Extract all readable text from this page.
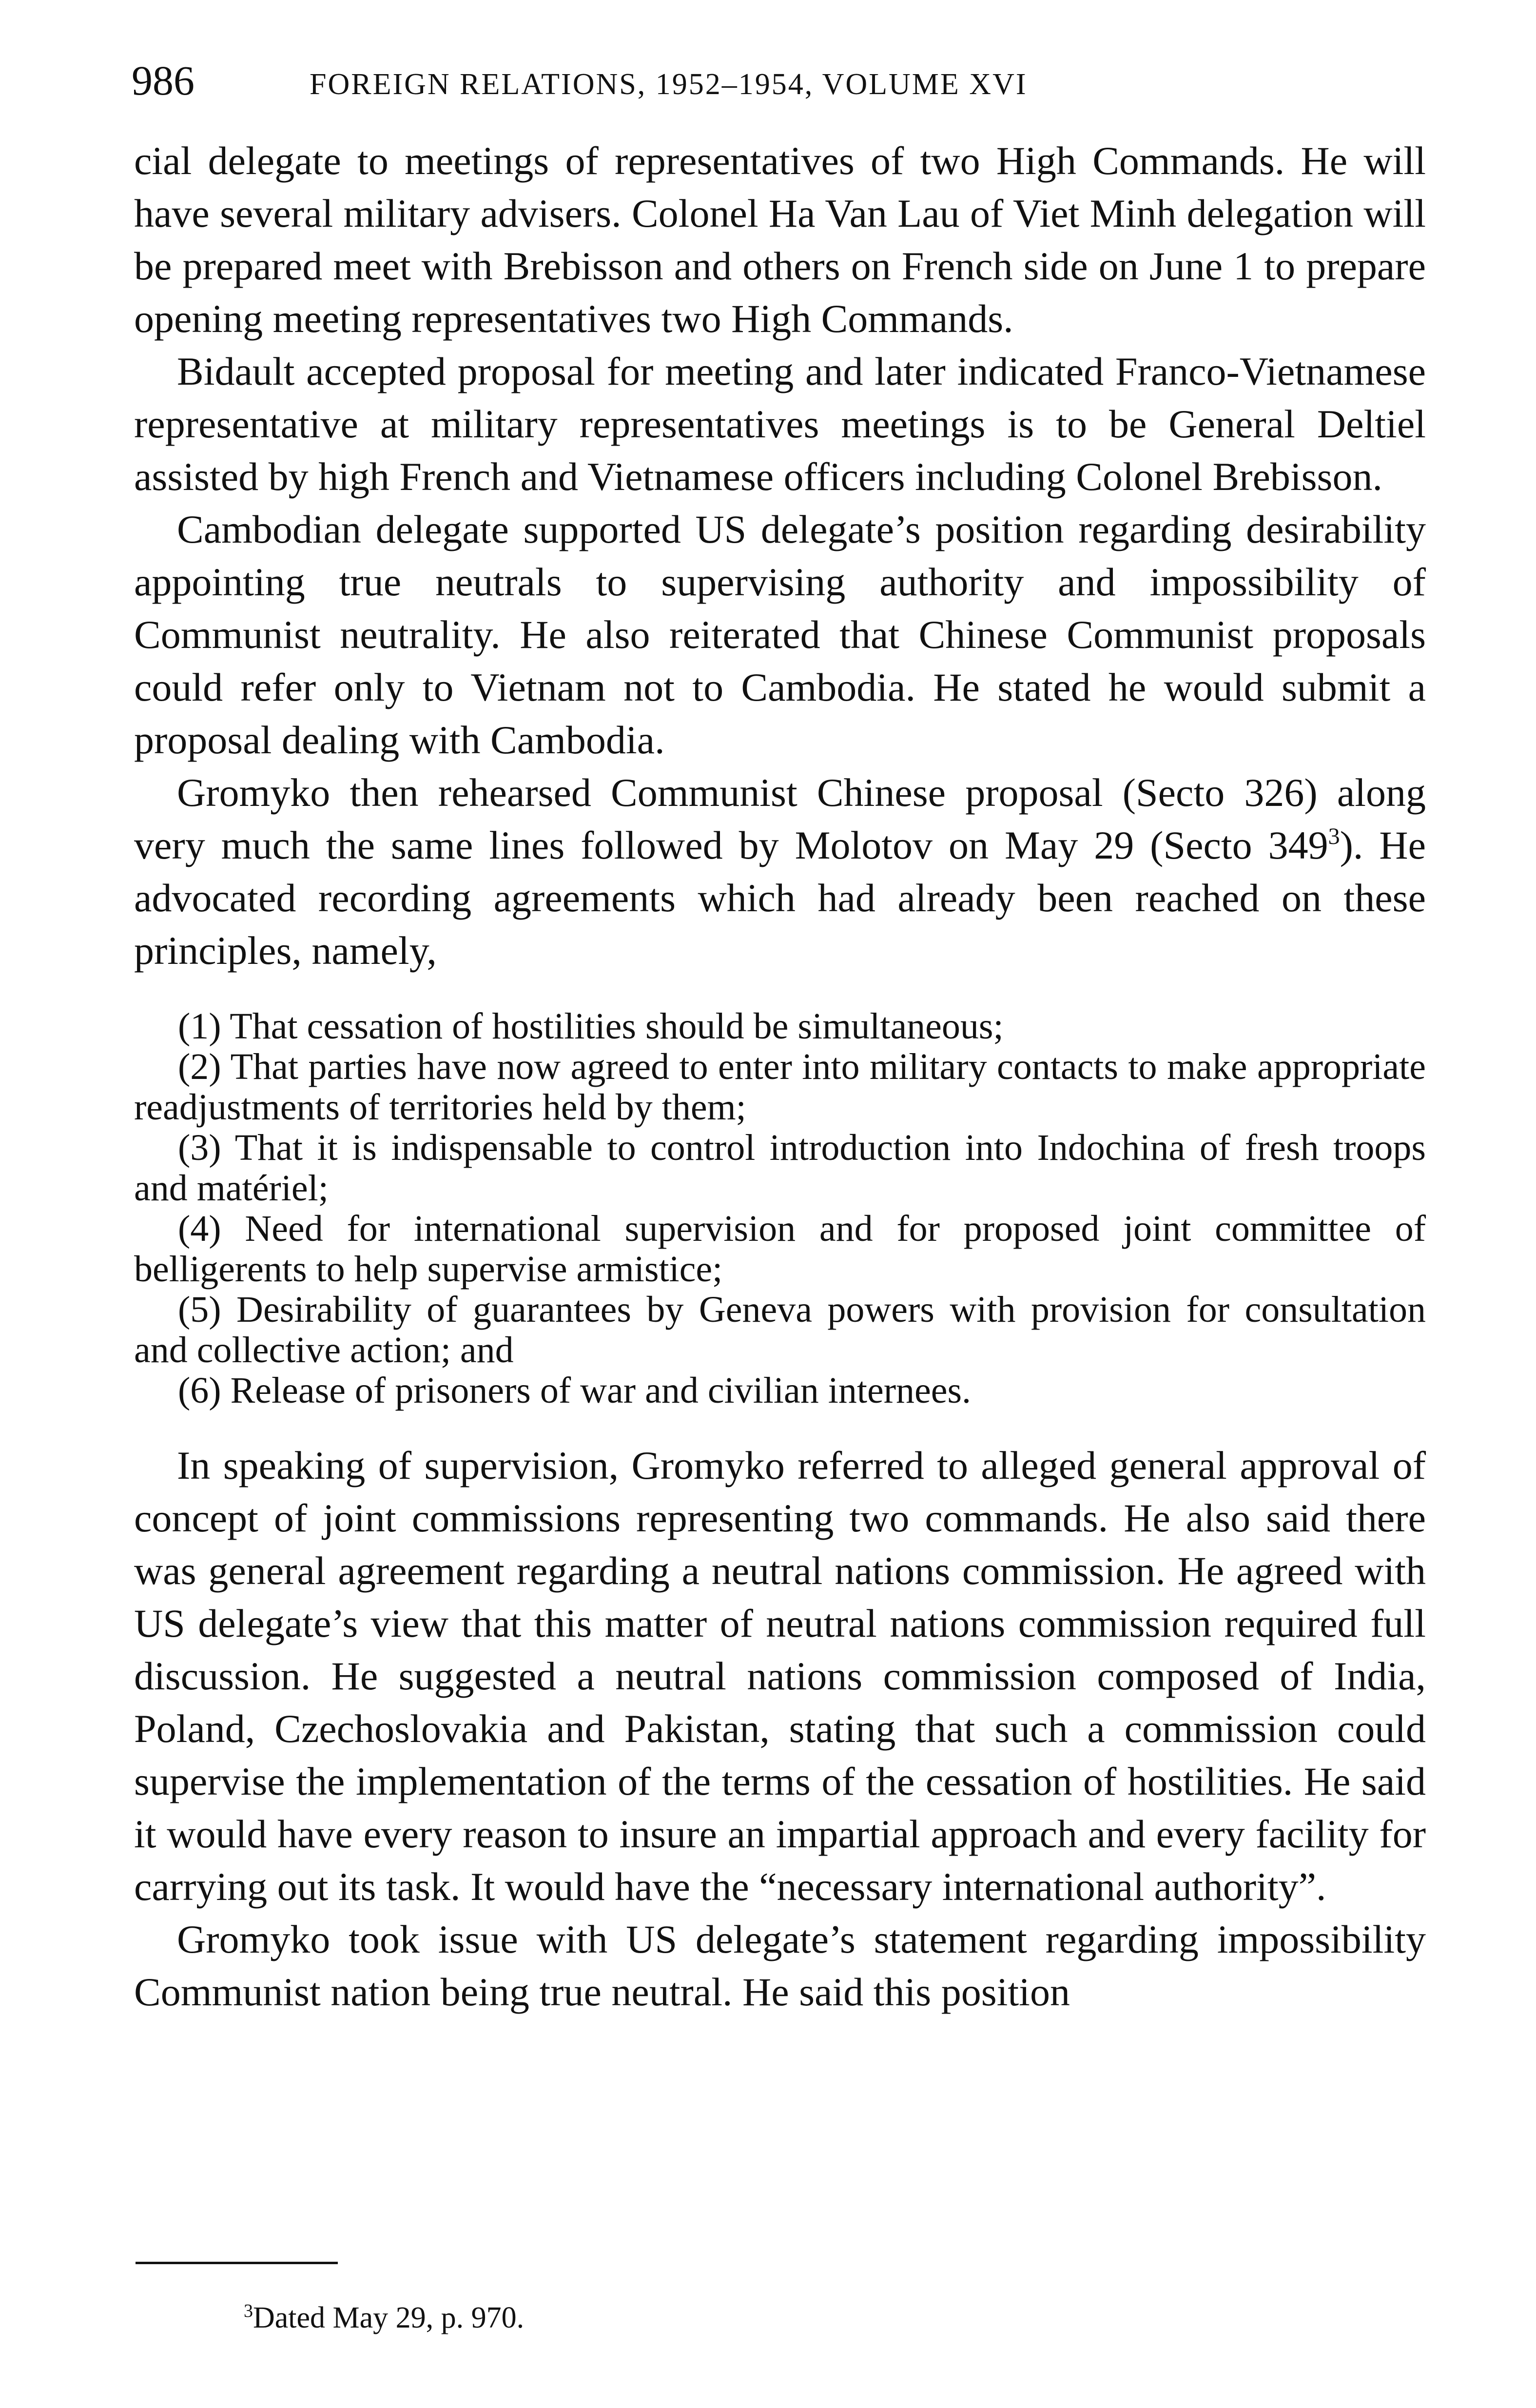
986	FOREIGN RELATIONS, 1952–1954, VOLUME XVI

cial delegate to meetings of representatives of two High Commands. He will have several military advisers. Colonel Ha Van Lau of Viet Minh delegation will be prepared meet with Brebisson and others on French side on June 1 to prepare opening meeting representatives two High Commands.

Bidault accepted proposal for meeting and later indicated Franco-Vietnamese representative at military representatives meetings is to be General Deltiel assisted by high French and Vietnamese officers including Colonel Brebisson.

Cambodian delegate supported US delegate’s position regarding desirability appointing true neutrals to supervising authority and impossibility of Communist neutrality. He also reiterated that Chinese Communist proposals could refer only to Vietnam not to Cambodia. He stated he would submit a proposal dealing with Cambodia.

Gromyko then rehearsed Communist Chinese proposal (Secto 326) along very much the same lines followed by Molotov on May 29 (Secto $349^3$). He advocated recording agreements which had already been reached on these principles, namely,

(1) That cessation of hostilities should be simultaneous;

(2) That parties have now agreed to enter into military contacts to make appropriate readjustments of territories held by them;

(3) That it is indispensable to control introduction into Indochina of fresh troops and matériel;

(4) Need for international supervision and for proposed joint committee of belligerents to help supervise armistice;

(5) Desirability of guarantees by Geneva powers with provision for consultation and collective action; and

(6) Release of prisoners of war and civilian internees.

In speaking of supervision, Gromyko referred to alleged general approval of concept of joint commissions representing two commands. He also said there was general agreement regarding a neutral nations commission. He agreed with US delegate’s view that this matter of neutral nations commission required full discussion. He suggested a neutral nations commission composed of India, Poland, Czechoslovakia and Pakistan, stating that such a commission could supervise the implementation of the terms of the cessation of hostilities. He said it would have every reason to insure an impartial approach and every facility for carrying out its task. It would have the “necessary international authority”.

Gromyko took issue with US delegate’s statement regarding impossibility Communist nation being true neutral. He said this position

$^3$Dated May 29, p. 970.
